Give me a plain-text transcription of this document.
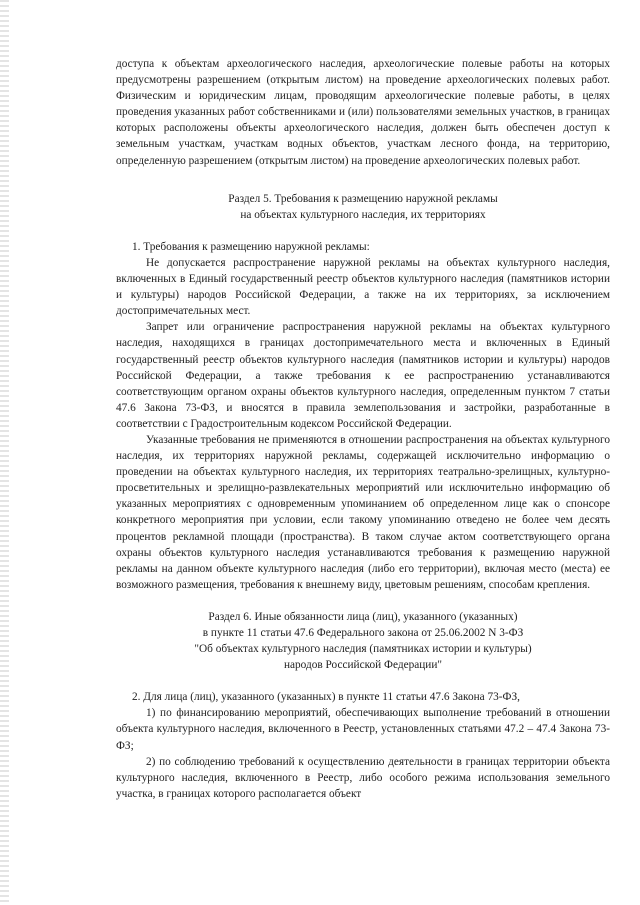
доступа к объектам археологического наследия, археологические полевые работы на которых предусмотрены разрешением (открытым листом) на проведение археологических полевых работ. Физическим и юридическим лицам, проводящим археологические полевые работы, в целях проведения указанных работ собственниками и (или) пользователями земельных участков, в границах которых расположены объекты археологического наследия, должен быть обеспечен доступ к земельным участкам, участкам водных объектов, участкам лесного фонда, на территорию, определенную разрешением (открытым листом) на проведение археологических полевых работ.

Раздел 5. Требования к размещению наружной рекламы

на объектах культурного наследия, их территориях

1. Требования к размещению наружной рекламы:

Не допускается распространение наружной рекламы на объектах культурного наследия, включенных в Единый государственный реестр объектов культурного наследия (памятников истории и культуры) народов Российской Федерации, а также на их территориях, за исключением достопримечательных мест.

Запрет или ограничение распространения наружной рекламы на объектах культурного наследия, находящихся в границах достопримечательного места и включенных в Единый государственный реестр объектов культурного наследия (памятников истории и культуры) народов Российской Федерации, а также требования к ее распространению устанавливаются соответствующим органом охраны объектов культурного наследия, определенным пунктом 7 статьи 47.6 Закона 73-ФЗ, и вносятся в правила землепользования и застройки, разработанные в соответствии с Градостроительным кодексом Российской Федерации.

Указанные требования не применяются в отношении распространения на объектах культурного наследия, их территориях наружной рекламы, содержащей исключительно информацию о проведении на объектах культурного наследия, их территориях театрально-зрелищных, культурно-просветительных и зрелищно-развлекательных мероприятий или исключительно информацию об указанных мероприятиях с одновременным упоминанием об определенном лице как о спонсоре конкретного мероприятия при условии, если такому упоминанию отведено не более чем десять процентов рекламной площади (пространства). В таком случае актом соответствующего органа охраны объектов культурного наследия устанавливаются требования к размещению наружной рекламы на данном объекте культурного наследия (либо его территории), включая место (места) ее возможного размещения, требования к внешнему виду, цветовым решениям, способам крепления.

Раздел 6. Иные обязанности лица (лиц), указанного (указанных)

в пункте 11 статьи 47.6 Федерального закона от 25.06.2002 N 3-ФЗ

"Об объектах культурного наследия (памятниках истории и культуры)

народов Российской Федерации"

2. Для лица (лиц), указанного (указанных) в пункте 11 статьи 47.6 Закона 73-ФЗ,

1) по финансированию мероприятий, обеспечивающих выполнение требований в отношении объекта культурного наследия, включенного в Реестр, установленных статьями 47.2 – 47.4 Закона 73-ФЗ;

2) по соблюдению требований к осуществлению деятельности в границах территории объекта культурного наследия, включенного в Реестр, либо особого режима использования земельного участка, в границах которого располагается объект
